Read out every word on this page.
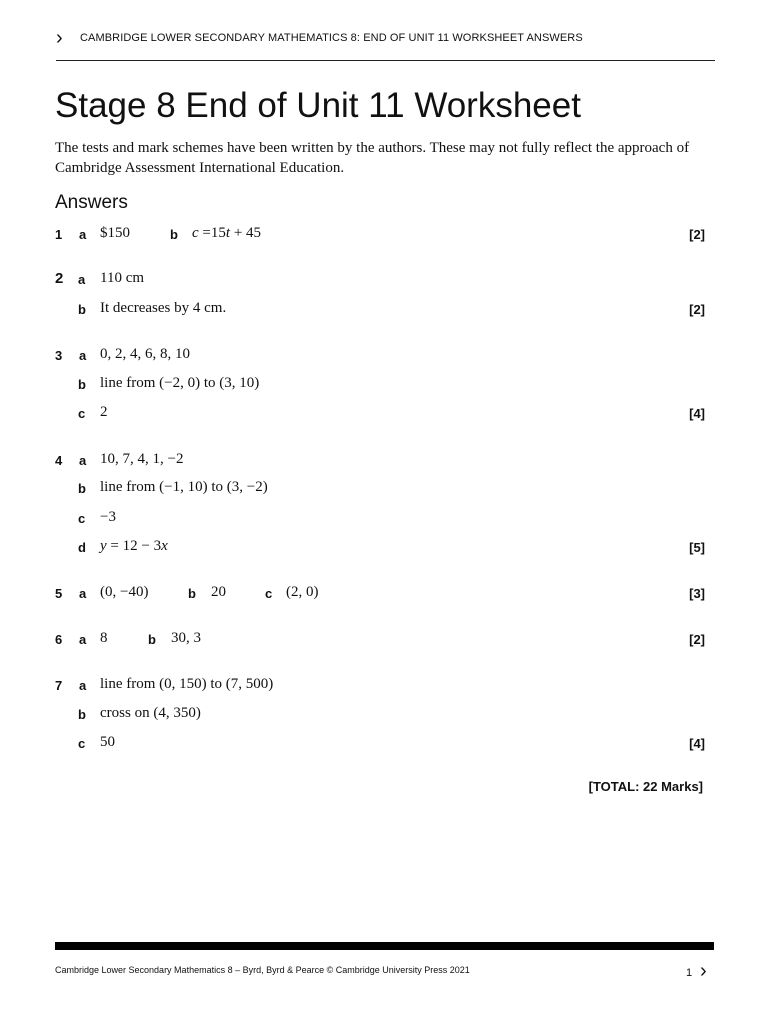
› CAMBRIDGE LOWER SECONDARY MATHEMATICS 8: END OF UNIT 11 WORKSHEET ANSWERS
Stage 8 End of Unit 11 Worksheet
The tests and mark schemes have been written by the authors. These may not fully reflect the approach of Cambridge Assessment International Education.
Answers
1 a $150	b c =15t + 45	[2]
2 a 110 cm
b It decreases by 4 cm.	[2]
3 a 0, 2, 4, 6, 8, 10
b line from (−2, 0) to (3, 10)
c 2	[4]
4 a 10, 7, 4, 1, −2
b line from (−1, 10) to (3, −2)
c −3
d y = 12 − 3x	[5]
5 a (0, −40)	b 20	c (2, 0)	[3]
6 a 8	b 30, 3	[2]
7 a line from (0, 150) to (7, 500)
b cross on (4, 350)
c 50	[4]
[TOTAL: 22 Marks]
Cambridge Lower Secondary Mathematics 8 – Byrd, Byrd & Pearce © Cambridge University Press 2021	1 ›
